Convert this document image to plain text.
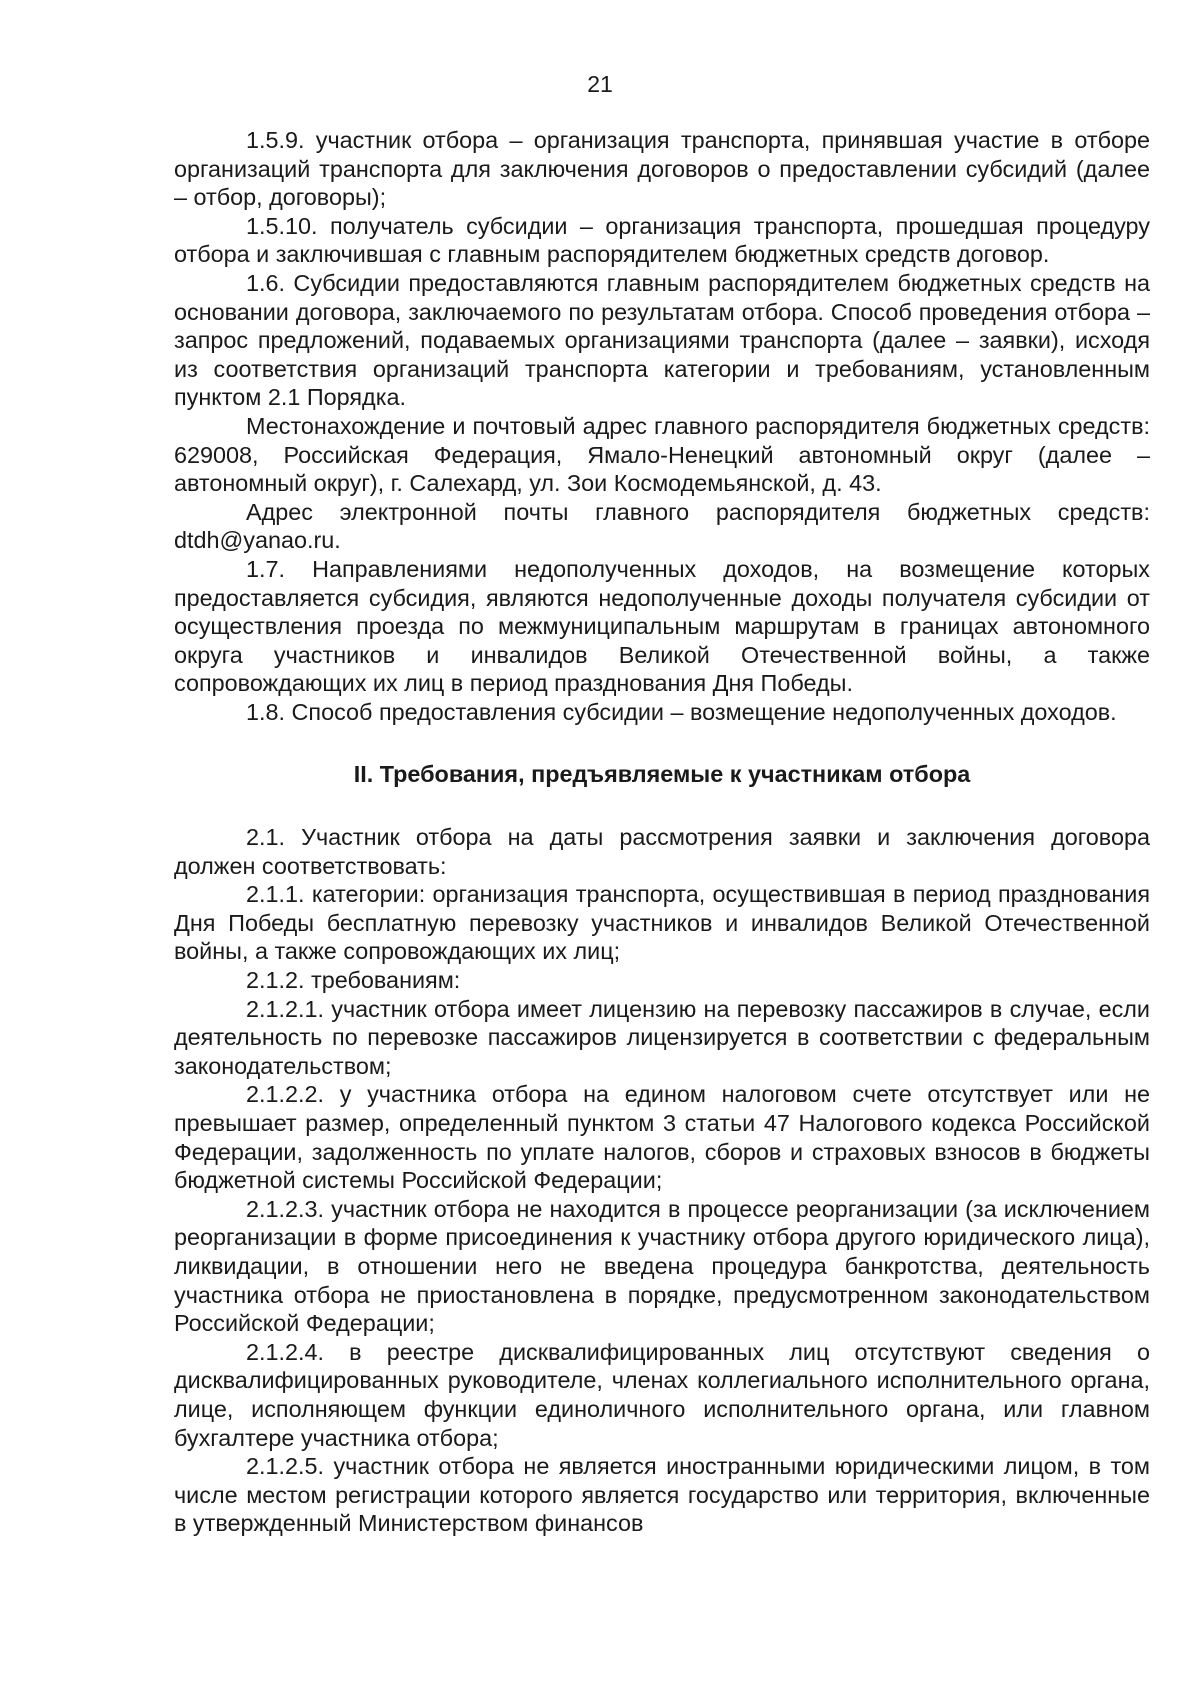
21

1.5.9. участник отбора – организация транспорта, принявшая участие в отборе организаций транспорта для заключения договоров о предоставлении субсидий (далее – отбор, договоры);

1.5.10. получатель субсидии – организация транспорта, прошедшая процедуру отбора и заключившая с главным распорядителем бюджетных средств договор.

1.6. Субсидии предоставляются главным распорядителем бюджетных средств на основании договора, заключаемого по результатам отбора. Способ проведения отбора – запрос предложений, подаваемых организациями транспорта (далее – заявки), исходя из соответствия организаций транспорта категории и требованиям, установленным пунктом 2.1 Порядка.

Местонахождение и почтовый адрес главного распорядителя бюджетных средств: 629008, Российская Федерация, Ямало-Ненецкий автономный округ (далее – автономный округ), г. Салехард, ул. Зои Космодемьянской, д. 43.

Адрес электронной почты главного распорядителя бюджетных средств: dtdh@yanao.ru.

1.7. Направлениями недополученных доходов, на возмещение которых предоставляется субсидия, являются недополученные доходы получателя субсидии от осуществления проезда по межмуниципальным маршрутам в границах автономного округа участников и инвалидов Великой Отечественной войны, а также сопровождающих их лиц в период празднования Дня Победы.

1.8. Способ предоставления субсидии – возмещение недополученных доходов.

II. Требования, предъявляемые к участникам отбора

2.1. Участник отбора на даты рассмотрения заявки и заключения договора должен соответствовать:

2.1.1. категории: организация транспорта, осуществившая в период празднования Дня Победы бесплатную перевозку участников и инвалидов Великой Отечественной войны, а также сопровождающих их лиц;

2.1.2. требованиям:

2.1.2.1. участник отбора имеет лицензию на перевозку пассажиров в случае, если деятельность по перевозке пассажиров лицензируется в соответствии с федеральным законодательством;

2.1.2.2. у участника отбора на едином налоговом счете отсутствует или не превышает размер, определенный пунктом 3 статьи 47 Налогового кодекса Российской Федерации, задолженность по уплате налогов, сборов и страховых взносов в бюджеты бюджетной системы Российской Федерации;

2.1.2.3. участник отбора не находится в процессе реорганизации (за исключением реорганизации в форме присоединения к участнику отбора другого юридического лица), ликвидации, в отношении него не введена процедура банкротства, деятельность участника отбора не приостановлена в порядке, предусмотренном законодательством Российской Федерации;

2.1.2.4. в реестре дисквалифицированных лиц отсутствуют сведения о дисквалифицированных руководителе, членах коллегиального исполнительного органа, лице, исполняющем функции единоличного исполнительного органа, или главном бухгалтере участника отбора;

2.1.2.5. участник отбора не является иностранными юридическими лицом, в том числе местом регистрации которого является государство или территория, включенные в утвержденный Министерством финансов
